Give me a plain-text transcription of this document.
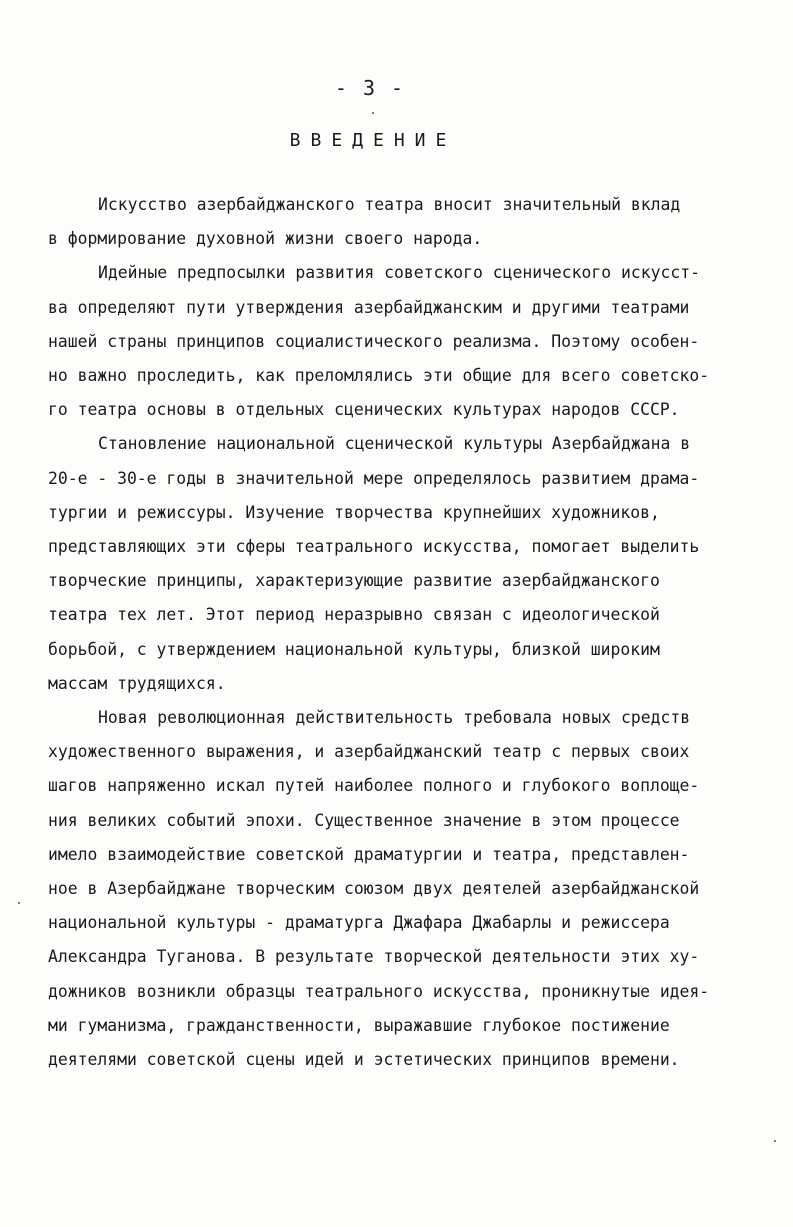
- 3 -
ВВЕДЕНИЕ
Искусство азербайджанского театра вносит значительный вклад
в формирование духовной жизни своего народа.
Идейные предпосылки развития советского сценического искусст-
ва определяют пути утверждения азербайджанским и другими театрами
нашей страны принципов социалистического реализма. Поэтому особен-
но важно проследить, как преломлялись эти общие для всего советско-
го театра основы в отдельных сценических культурах народов СССР.
Становление национальной сценической культуры Азербайджана в
20-е - 30-е годы в значительной мере определялось развитием драма-
тургии и режиссуры. Изучение творчества крупнейших художников,
представляющих эти сферы театрального искусства, помогает выделить
творческие принципы, характеризующие развитие азербайджанского
театра тех лет. Этот период неразрывно связан с идеологической
борьбой, с утверждением национальной культуры, близкой широким
массам трудящихся.
Новая революционная действительность требовала новых средств
художественного выражения, и азербайджанский театр с первых своих
шагов напряженно искал путей наиболее полного и глубокого воплоще-
ния великих событий эпохи. Существенное значение в этом процессе
имело взаимодействие советской драматургии и театра, представлен-
ное в Азербайджане творческим союзом двух деятелей азербайджанской
национальной культуры - драматурга Джафара Джабарлы и режиссера
Александра Туганова. В результате творческой деятельности этих ху-
дожников возникли образцы театрального искусства, проникнутые идея-
ми гуманизма, гражданственности, выражавшие глубокое постижение
деятелями советской сцены идей и эстетических принципов времени.
